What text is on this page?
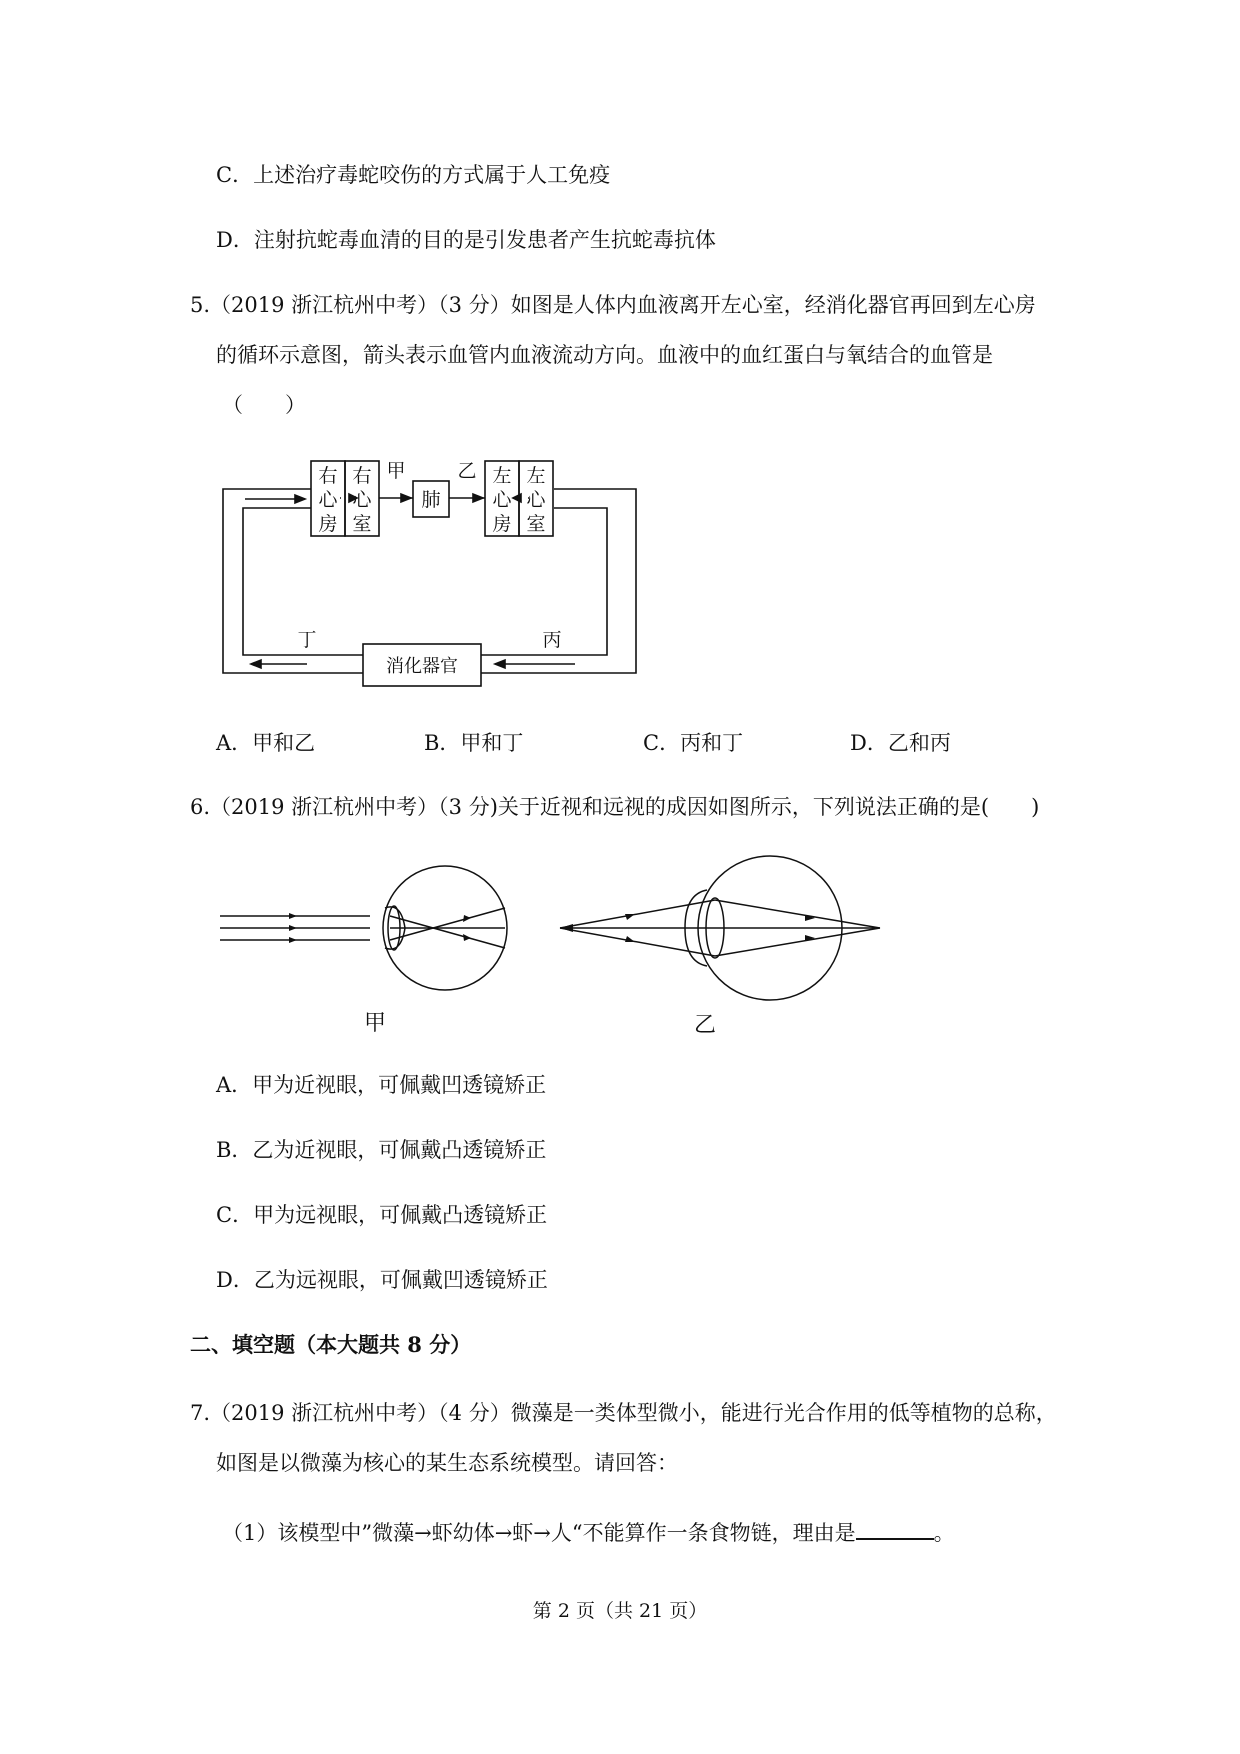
C．上述治疗毒蛇咬伤的方式属于人工免疫
D．注射抗蛇毒血清的目的是引发患者产生抗蛇毒抗体
5.（2019 浙江杭州中考）（3 分）如图是人体内血液离开左心室，经消化器官再回到左心房
的循环示意图，箭头表示血管内血液流动方向。血液中的血红蛋白与氧结合的血管是
（　　）
右
心
房
右
心
室
左
心
房
左
心
室
肺
甲	乙
丁	丙
消化器官
A．甲和乙	B．甲和丁	C．丙和丁	D．乙和丙
6.（2019 浙江杭州中考）（3 分)关于近视和远视的成因如图所示，下列说法正确的是(　　)
甲	乙
A．甲为近视眼，可佩戴凹透镜矫正
B．乙为近视眼，可佩戴凸透镜矫正
C．甲为远视眼，可佩戴凸透镜矫正
D．乙为远视眼，可佩戴凹透镜矫正
二、填空题（本大题共 8 分）
7.（2019 浙江杭州中考）（4 分）微藻是一类体型微小，能进行光合作用的低等植物的总称，
如图是以微藻为核心的某生态系统模型。请回答：
（1）该模型中”微藻→虾幼体→虾→人“不能算作一条食物链，理由是	。
第 2 页（共 21 页）
